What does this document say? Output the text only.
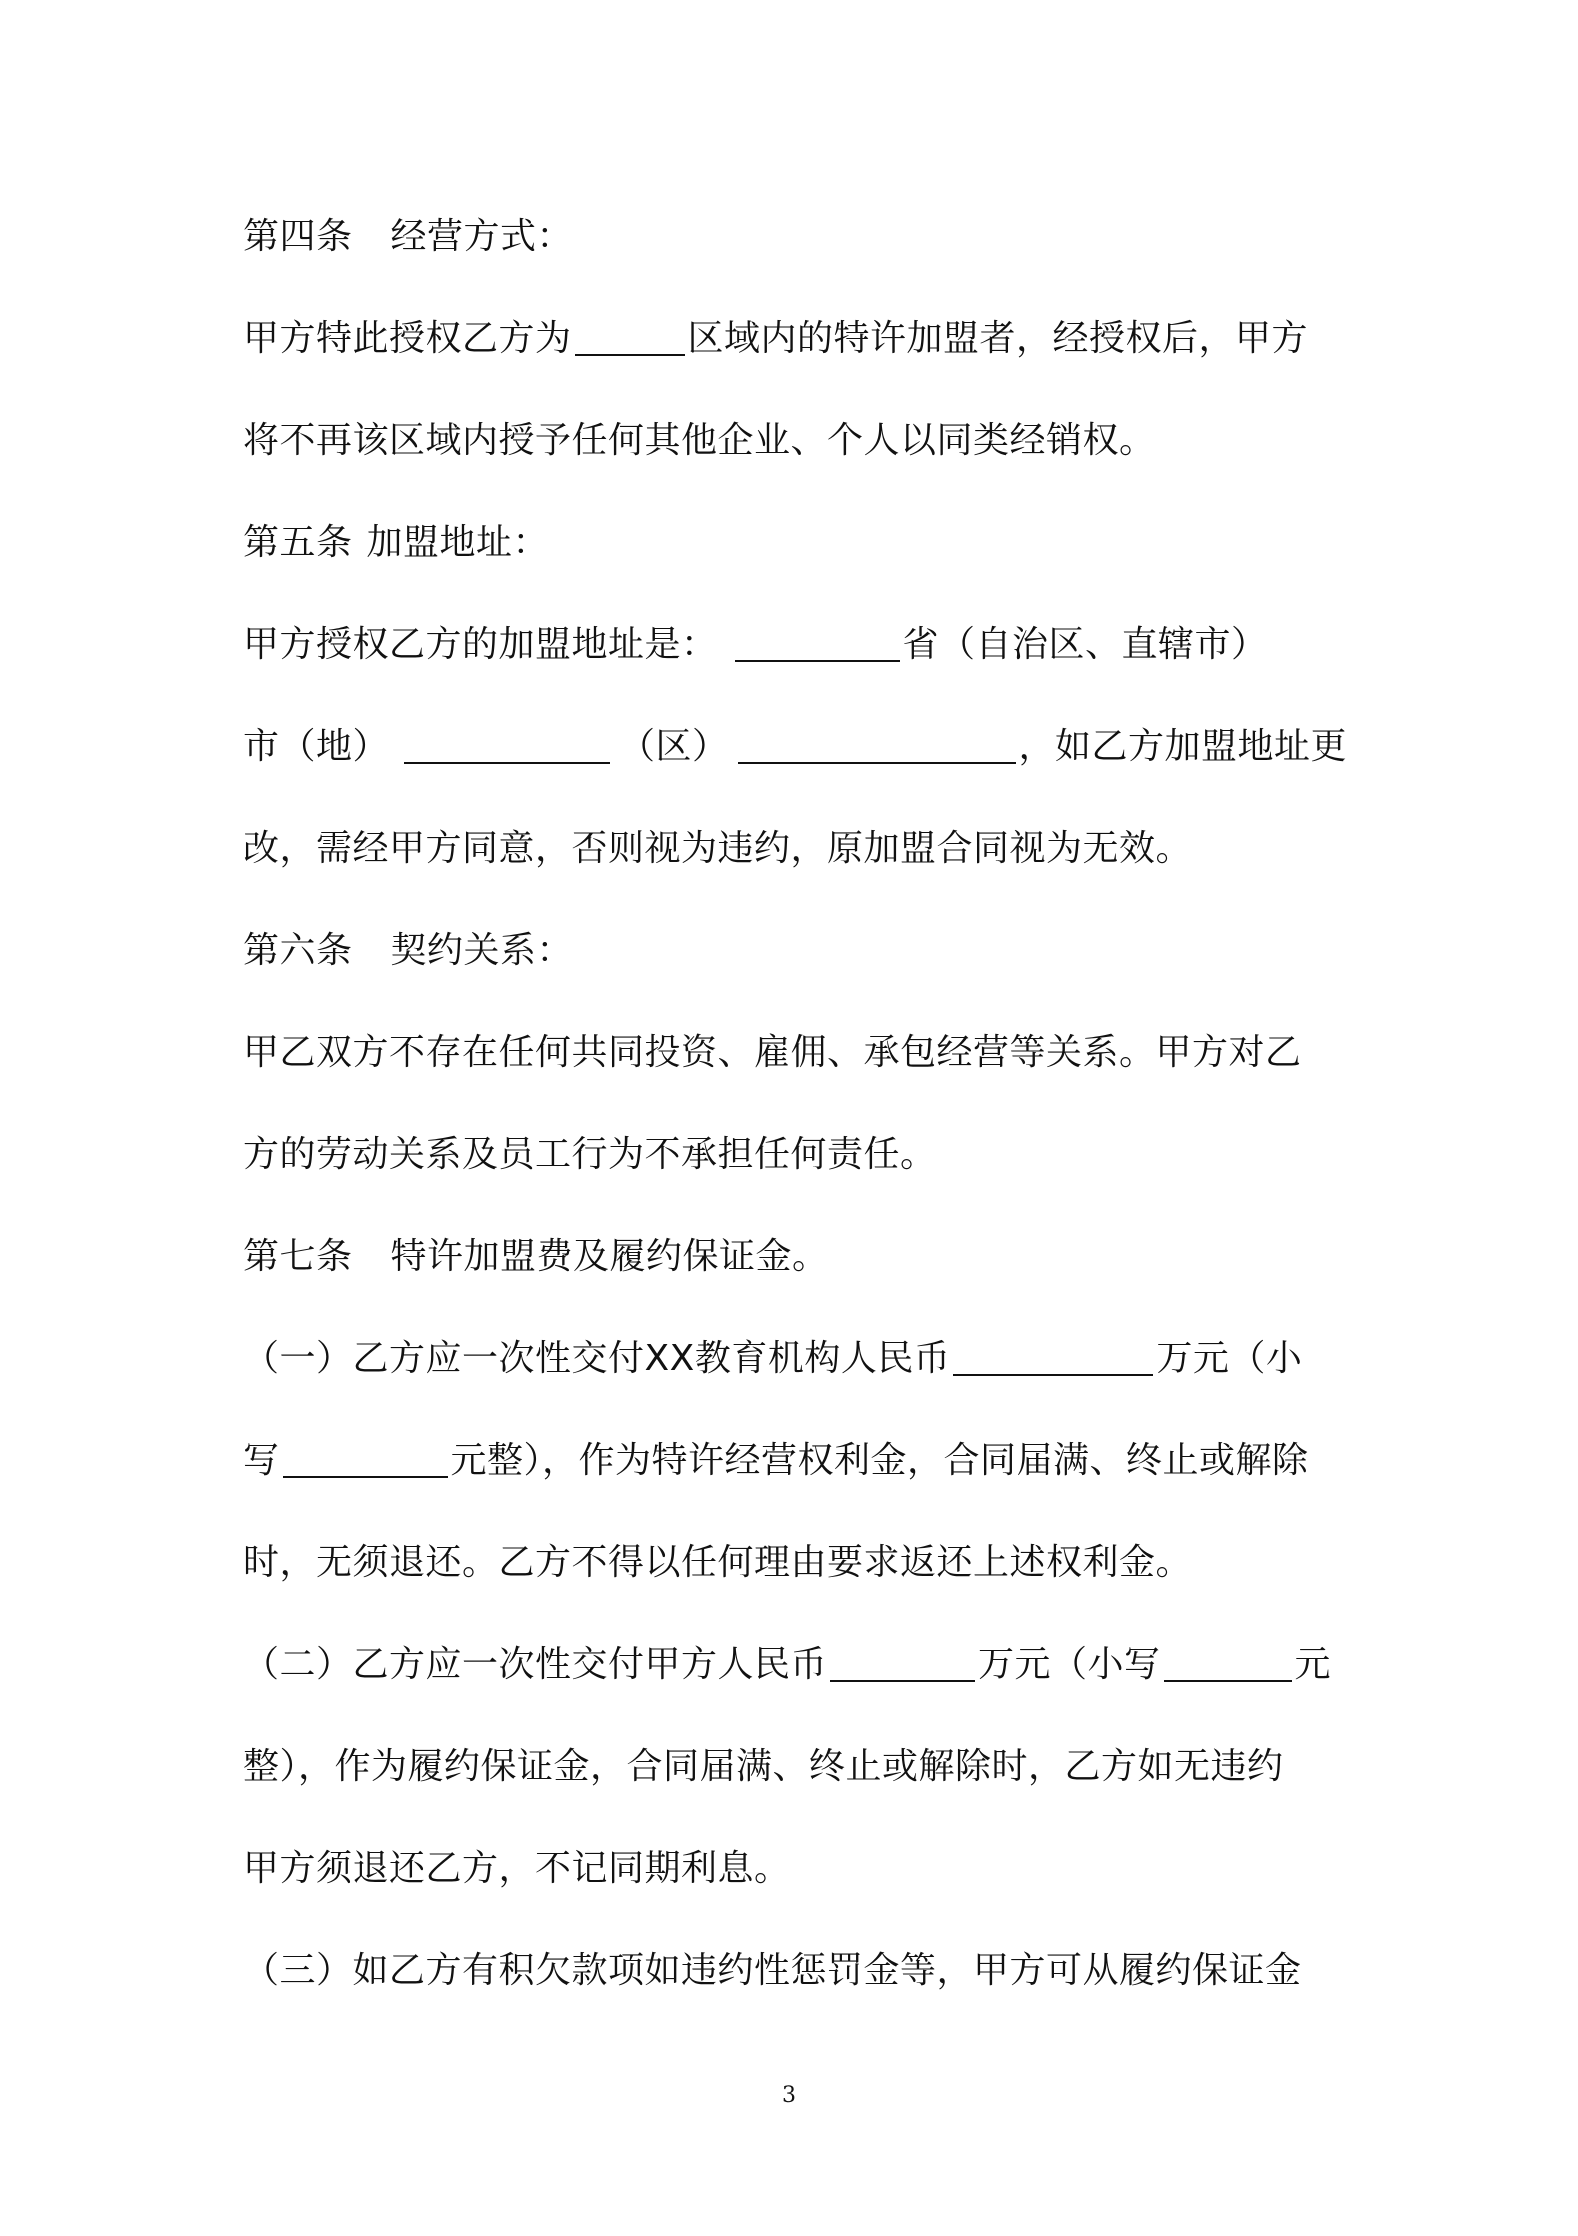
第四条 经营方式：
甲方特此授权乙方为	区域内的特许加盟者，经授权后，甲方
将不再该区域内授予任何其他企业、个人以同类经销权。
第五条 加盟地址：
甲方授权乙方的加盟地址是：	省（自治区、直辖市）
市（地）	（区）	，如乙方加盟地址更
改，需经甲方同意，否则视为违约，原加盟合同视为无效。
第六条 契约关系：
甲乙双方不存在任何共同投资、雇佣、承包经营等关系。甲方对乙
方的劳动关系及员工行为不承担任何责任。
第七条 特许加盟费及履约保证金。
（一）乙方应一次性交付XX教育机构人民币	万元（小
写	元整），作为特许经营权利金，合同届满、终止或解除
时，无须退还。乙方不得以任何理由要求返还上述权利金。
（二）乙方应一次性交付甲方人民币	万元（小写	元
整），作为履约保证金，合同届满、终止或解除时，乙方如无违约
甲方须退还乙方，不记同期利息。
（三）如乙方有积欠款项如违约性惩罚金等，甲方可从履约保证金
3
